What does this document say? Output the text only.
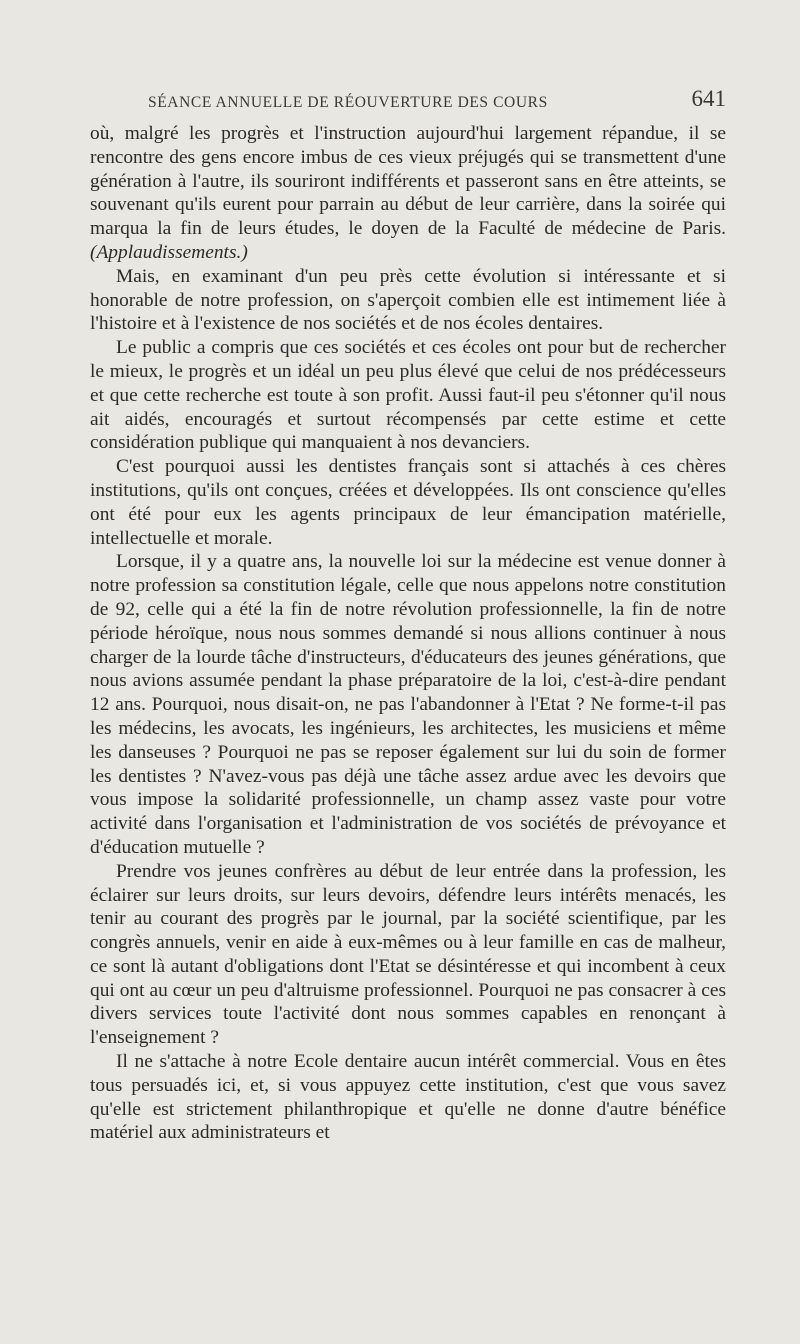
SÉANCE ANNUELLE DE RÉOUVERTURE DES COURS	641

où, malgré les progrès et l'instruction aujourd'hui largement répandue, il se rencontre des gens encore imbus de ces vieux préjugés qui se transmettent d'une génération à l'autre, ils souriront indifférents et passeront sans en être atteints, se souvenant qu'ils eurent pour parrain au début de leur carrière, dans la soirée qui marqua la fin de leurs études, le doyen de la Faculté de médecine de Paris. (Applaudissements.)

Mais, en examinant d'un peu près cette évolution si intéressante et si honorable de notre profession, on s'aperçoit combien elle est intimement liée à l'histoire et à l'existence de nos sociétés et de nos écoles dentaires.

Le public a compris que ces sociétés et ces écoles ont pour but de rechercher le mieux, le progrès et un idéal un peu plus élevé que celui de nos prédécesseurs et que cette recherche est toute à son profit. Aussi faut-il peu s'étonner qu'il nous ait aidés, encouragés et surtout récompensés par cette estime et cette considération publique qui manquaient à nos devanciers.

C'est pourquoi aussi les dentistes français sont si attachés à ces chères institutions, qu'ils ont conçues, créées et développées. Ils ont conscience qu'elles ont été pour eux les agents principaux de leur émancipation matérielle, intellectuelle et morale.

Lorsque, il y a quatre ans, la nouvelle loi sur la médecine est venue donner à notre profession sa constitution légale, celle que nous appelons notre constitution de 92, celle qui a été la fin de notre révolution professionnelle, la fin de notre période héroïque, nous nous sommes demandé si nous allions continuer à nous charger de la lourde tâche d'instructeurs, d'éducateurs des jeunes générations, que nous avions assumée pendant la phase préparatoire de la loi, c'est-à-dire pendant 12 ans. Pourquoi, nous disait-on, ne pas l'abandonner à l'Etat ? Ne forme-t-il pas les médecins, les avocats, les ingénieurs, les architectes, les musiciens et même les danseuses ? Pourquoi ne pas se reposer également sur lui du soin de former les dentistes ? N'avez-vous pas déjà une tâche assez ardue avec les devoirs que vous impose la solidarité professionnelle, un champ assez vaste pour votre activité dans l'organisation et l'administration de vos sociétés de prévoyance et d'éducation mutuelle ?

Prendre vos jeunes confrères au début de leur entrée dans la profession, les éclairer sur leurs droits, sur leurs devoirs, défendre leurs intérêts menacés, les tenir au courant des progrès par le journal, par la société scientifique, par les congrès annuels, venir en aide à eux-mêmes ou à leur famille en cas de malheur, ce sont là autant d'obligations dont l'Etat se désintéresse et qui incombent à ceux qui ont au cœur un peu d'altruisme professionnel. Pourquoi ne pas consacrer à ces divers services toute l'activité dont nous sommes capables en renonçant à l'enseignement ?

Il ne s'attache à notre Ecole dentaire aucun intérêt commercial. Vous en êtes tous persuadés ici, et, si vous appuyez cette institution, c'est que vous savez qu'elle est strictement philanthropique et qu'elle ne donne d'autre bénéfice matériel aux administrateurs et
